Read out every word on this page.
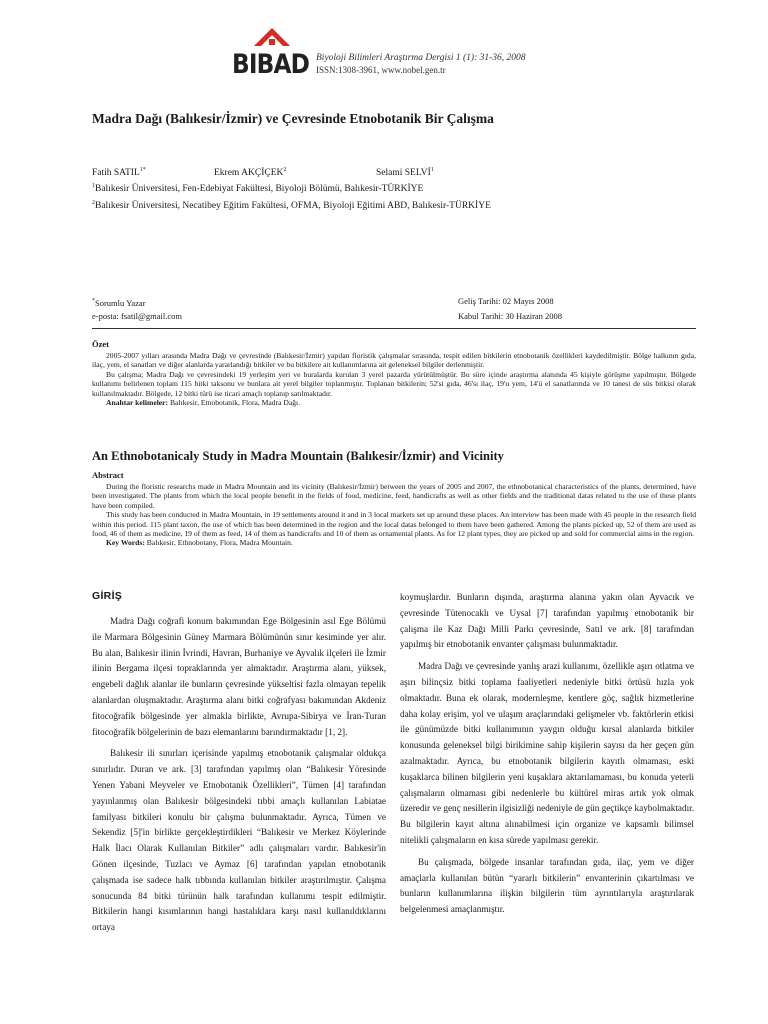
BIBAD Biyoloji Bilimleri Araştırma Dergisi 1 (1): 31-36, 2008
ISSN:1308-3961, www.nobel.gen.tr
Madra Dağı (Balıkesir/İzmir) ve Çevresinde Etnobotanik Bir Çalışma
Fatih $SATIL^{1*}$	Ekrem AKÇİÇEK$^2$	Selami SELVİ$^1$
$^1$Balıkesir Üniversitesi, Fen-Edebiyat Fakültesi, Biyoloji Bölümü, Balıkesir-TÜRKİYE
$^2$Balıkesir Üniversitesi, Necatibey Eğitim Fakültesi, OFMA, Biyoloji Eğitimi ABD, Balıkesir-TÜRKİYE
*Sorumlu Yazar
e-posta: fsatil@gmail.com
Geliş Tarihi: 02 Mayıs 2008
Kabul Tarihi: 30 Haziran 2008
Özet

2005-2007 yılları arasında Madra Dağı ve çevresinde (Balıkesir/İzmir) yapılan floristik çalışmalar sırasında, tespit edilen bitkilerin etnobotanik özellikleri kaydedilmiştir. Bölge halkının gıda, ilaç, yem, el sanatları ve diğer alanlarda yararlandığı bitkiler ve bu bitkilere ait kullanımlarına ait geleneksel bilgiler derlenmiştir.

Bu çalışma; Madra Dağı ve çevresindeki 19 yerleşim yeri ve buralarda kurulan 3 yerel pazarda yürütülmüştür. Bu süre içinde araştırma alanında 45 kişiyle görüşme yapılmıştır. Bölgede kullanımı belirlenen toplam 115 bitki taksonu ve bunlara ait yerel bilgiler toplanmıştır. Toplanan bitkilerin; 52'si gıda, 46'sı ilaç, 19'u yem, 14'ü el sanatlarında ve 10 tanesi de süs bitkisi olarak kullanılmaktadır. Bölgede, 12 bitki türü ise ticari amaçlı toplanıp satılmaktadır.

Anahtar kelimeler: Balıkesir, Etnobotanik, Flora, Madra Dağı.

An Ethnobotanicaly Study in Madra Mountain (Balıkesir/İzmir) and Vicinity
Abstract

During the floristic researchs made in Madra Mountain and its vicinity (Balıkesir/İzmir) between the years of 2005 and 2007, the ethnobotanical characteristics of the plants, determined, have been investigated. The plants from which the local people benefit in the fields of food, medicine, feed, handicrafts as well as other fields and the traditional datas related to the use of these plants have been compiled.

This study has been conducted in Madra Mountain, in 19 settlements around it and in 3 local markets set up around these places. An interview has been made with 45 people in the research field within this period. 115 plant taxon, the use of which has been determined in the region and the local datas belonged to them have been gathered. Among the plants picked up, 52 of them are used as food, 46 of them as medicine, 19 of them as feed, 14 of them as handicrafts and 10 of them as ornamental plants. As for 12 plant types, they are picked up and sold for commercial aims in the region.

Key Words: Balıkesir, Ethnobotany, Flora, Madra Mountain.

GİRİŞ

Madra Dağı coğrafi konum bakımından Ege Bölgesinin asıl Ege Bölümü ile Marmara Bölgesinin Güney Marmara Bölümünün sınır kesiminde yer alır. Bu alan, Balıkesir ilinin İvrindi, Havran, Burhaniye ve Ayvalık ilçeleri ile İzmir ilinin Bergama ilçesi topraklarında yer almaktadır. Araştırma alanı, yüksek, engebeli dağlık alanlar ile bunların çevresinde yükseltisi fazla olmayan tepelik alanlardan oluşmaktadır. Araştırma alanı bitki coğrafyası bakımından Akdeniz fitocoğrafik bölgesinde yer almakla birlikte, Avrupa-Sibirya ve İran-Turan fitocoğrafik bölgelerinin de bazı elemanlarını barındırmaktadır [1, 2].

Balıkesir ili sınırları içerisinde yapılmış etnobotanik çalışmalar oldukça sınırlıdır. Duran ve ark. [3] tarafından yapılmış olan “Balıkesir Yöresinde Yenen Yabani Meyveler ve Etnobotanik Özellikleri”, Tümen [4] tarafından yayınlanmış olan Balıkesir bölgesindeki tıbbi amaçlı kullanılan Labiatae familyası bitkileri konulu bir çalışma bulunmaktadır. Ayrıca, Tümen ve Sekendiz [5]'in birlikte gerçekleştirdikleri “Balıkesir ve Merkez Köylerinde Halk İlacı Olarak Kullanılan Bitkiler” adlı çalışmaları vardır. Balıkesir'in Gönen ilçesinde, Tuzlacı ve Aymaz [6] tarafından yapılan etnobotanik çalışmada ise sadece halk tıbbında kullanılan bitkiler araştırılmıştır. Çalışma sonucunda 84 bitki türünün halk tarafından kullanımı tespit edilmiştir. Bitkilerin hangi kısımlarının hangi hastalıklara karşı nasıl kullanıldıklarını ortaya

koymuşlardır. Bunların dışında, araştırma alanına yakın olan Ayvacık ve çevresinde Tütenocaklı ve Uysal [7] tarafından yapılmış etnobotanik bir çalışma ile Kaz Dağı Milli Parkı çevresinde, Satıl ve ark. [8] tarafından yapılmış bir etnobotanik envanter çalışması bulunmaktadır.

Madra Dağı ve çevresinde yanlış arazi kullanımı, özellikle aşırı otlatma ve aşırı bilinçsiz bitki toplama faaliyetleri nedeniyle bitki örtüsü hızla yok olmaktadır. Buna ek olarak, modernleşme, kentlere göç, sağlık hizmetlerine daha kolay erişim, yol ve ulaşım araçlarındaki gelişmeler vb. faktörlerin etkisi ile günümüzde bitki kullanımının yaygın olduğu kırsal alanlarda bitkiler konusunda geleneksel bilgi birikimine sahip kişilerin sayısı da her geçen gün azalmaktadır. Ayrıca, bu etnobotanik bilgilerin kayıtlı olmaması, eski kuşaklarca bilinen bilgilerin yeni kuşaklara aktarılamaması, bu konuda yeterli çalışmaların olmaması gibi nedenlerle bu kültürel miras artık yok olmak üzeredir ve genç nesillerin ilgisizliği nedeniyle de gün geçtikçe kaybolmaktadır. Bu bilgilerin kayıt altına alınabilmesi için organize ve kapsamlı bilimsel nitelikli çalışmaların en kısa sürede yapılması gerekir.

Bu çalışmada, bölgede insanlar tarafından gıda, ilaç, yem ve diğer amaçlarla kullanılan bütün “yararlı bitkilerin” envanterinin çıkartılması ve bunların kullanımlarına ilişkin bilgilerin tüm ayrıntılarıyla araştırılarak belgelenmesi amaçlanmıştır.
